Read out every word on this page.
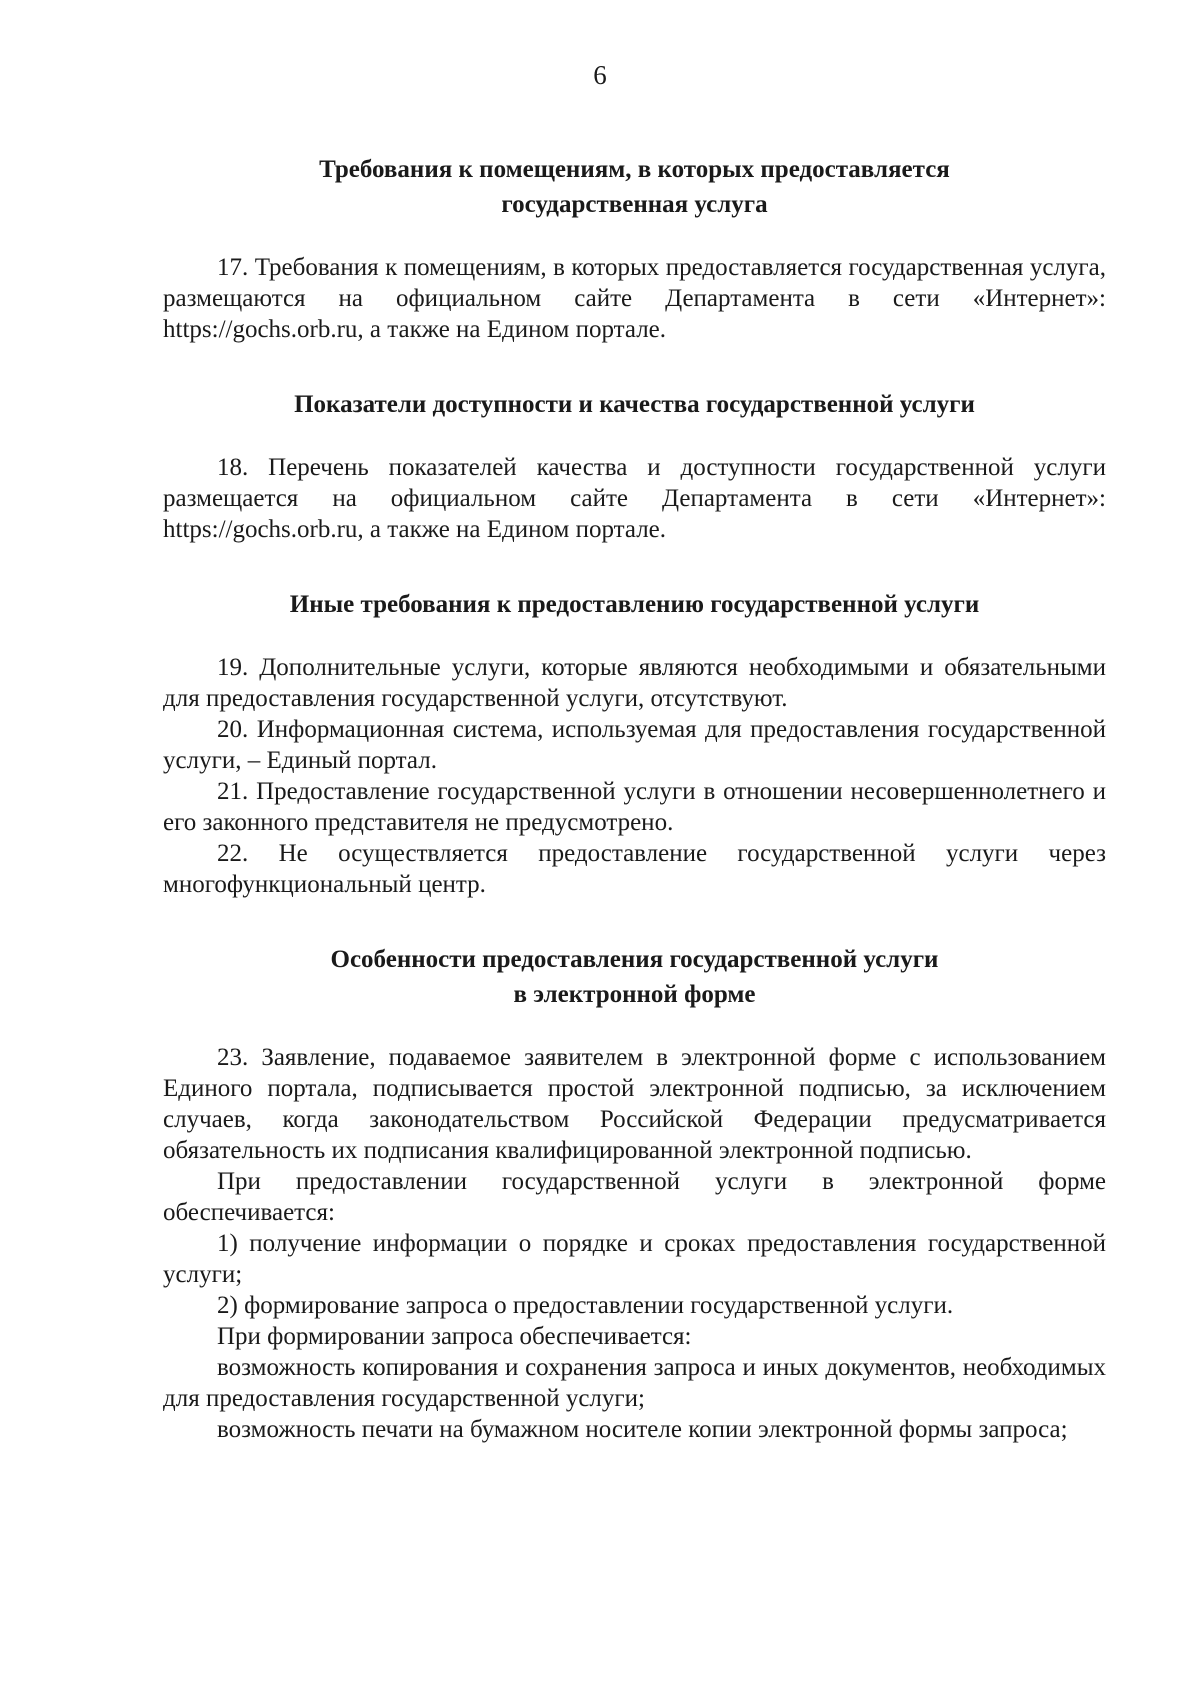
6
Требования к помещениям, в которых предоставляется
государственная услуга

17. Требования к помещениям, в которых предоставляется государственная услуга, размещаются на официальном сайте Департамента в сети «Интернет»: https://gochs.orb.ru, а также на Едином портале.

Показатели доступности и качества государственной услуги

18. Перечень показателей качества и доступности государственной услуги размещается на официальном сайте Департамента в сети «Интернет»: https://gochs.orb.ru, а также на Едином портале.

Иные требования к предоставлению государственной услуги

19. Дополнительные услуги, которые являются необходимыми и обязательными для предоставления государственной услуги, отсутствуют.

20. Информационная система, используемая для предоставления государственной услуги, – Единый портал.

21. Предоставление государственной услуги в отношении несовершеннолетнего и его законного представителя не предусмотрено.

22. Не осуществляется предоставление государственной услуги через многофункциональный центр.

Особенности предоставления государственной услуги
в электронной форме

23. Заявление, подаваемое заявителем в электронной форме с использованием Единого портала, подписывается простой электронной подписью, за исключением случаев, когда законодательством Российской Федерации предусматривается обязательность их подписания квалифицированной электронной подписью.

При предоставлении государственной услуги в электронной форме обеспечивается:

1) получение информации о порядке и сроках предоставления государственной услуги;

2) формирование запроса о предоставлении государственной услуги.

При формировании запроса обеспечивается:

возможность копирования и сохранения запроса и иных документов, необходимых для предоставления государственной услуги;

возможность печати на бумажном носителе копии электронной формы запроса;
